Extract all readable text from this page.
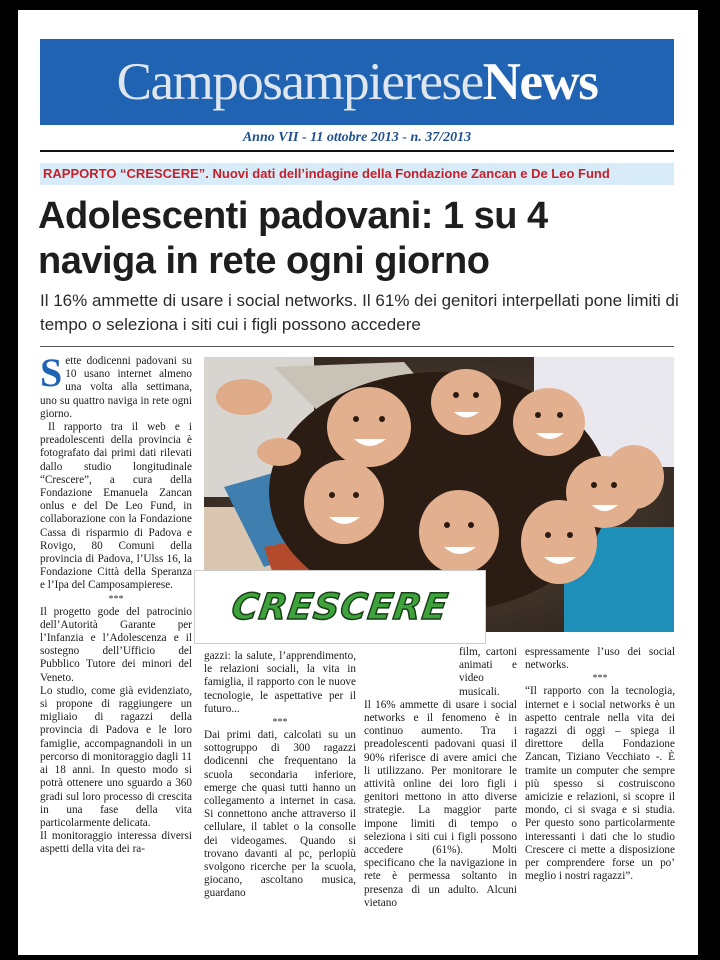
CamposampiereseNews
Anno VII - 11 ottobre 2013 - n. 37/2013
RAPPORTO “CRESCERE”. Nuovi dati dell’indagine della Fondazione Zancan e De Leo Fund
Adolescenti padovani: 1 su 4
naviga in rete ogni giorno
Il 16% ammette di usare i social networks. Il 61% dei genitori interpellati pone limiti di tempo o seleziona i siti cui i figli possono accedere
S ette dodicenni padovani su 10 usano internet almeno una volta alla settimana, uno su quattro naviga in rete ogni giorno.

Il rapporto tra il web e i preadolescenti della provincia è fotografato dai primi dati rilevati dallo studio longitudinale “Crescere”, a cura della Fondazione Emanuela Zancan onlus e del De Leo Fund, in collaborazione con la Fondazione Cassa di risparmio di Padova e Rovigo, 80 Comuni della provincia di Padova, l’Ulss 16, la Fondazione Città della Speranza e l’Ipa del Camposampierese.

***

Il progetto gode del patrocinio dell’Autorità Garante per l’Infanzia e l’Adolescenza e il sostegno dell’Ufficio del Pubblico Tutore dei minori del Veneto.

Lo studio, come già evidenziato, si propone di raggiungere un migliaio di ragazzi della provincia di Padova e le loro famiglie, accompagnandoli in un percorso di monitoraggio dagli 11 ai 18 anni. In questo modo si potrà ottenere uno sguardo a 360 gradi sul loro processo di crescita in una fase della vita particolarmente delicata.

Il monitoraggio interessa diversi aspetti della vita dei ra-

CRESCERE

gazzi: la salute, l’apprendimento, le relazioni sociali, la vita in famiglia, il rapporto con le nuove tecnologie, le aspettative per il futuro...

***

Dai primi dati, calcolati su un sottogruppo di 300 ragazzi dodicenni che frequentano la scuola secondaria inferiore, emerge che quasi tutti hanno un collegamento a internet in casa. Si connettono anche attraverso il cellulare, il tablet o la consolle dei videogames. Quando si trovano davanti al pc, perlopiù svolgono ricerche per la scuola, giocano, ascoltano musica, guardano

film, cartoni animati e video musicali.

Il 16% ammette di usare i social networks e il fenomeno è in continuo aumento. Tra i preadolescenti padovani quasi il 90% riferisce di avere amici che li utilizzano. Per monitorare le attività online dei loro figli i genitori mettono in atto diverse strategie. La maggior parte impone limiti di tempo o seleziona i siti cui i figli possono accedere (61%). Molti specificano che la navigazione in rete è permessa soltanto in presenza di un adulto. Alcuni vietano

espressamente l’uso dei social networks.

***

“Il rapporto con la tecnologia, internet e i social networks è un aspetto centrale nella vita dei ragazzi di oggi – spiega il direttore della Fondazione Zancan, Tiziano Vecchiato -. È tramite un computer che sempre più spesso si costruiscono amicizie e relazioni, si scopre il mondo, ci si svaga e si studia. Per questo sono particolarmente interessanti i dati che lo studio Crescere ci mette a disposizione per comprendere forse un po’ meglio i nostri ragazzi”.
